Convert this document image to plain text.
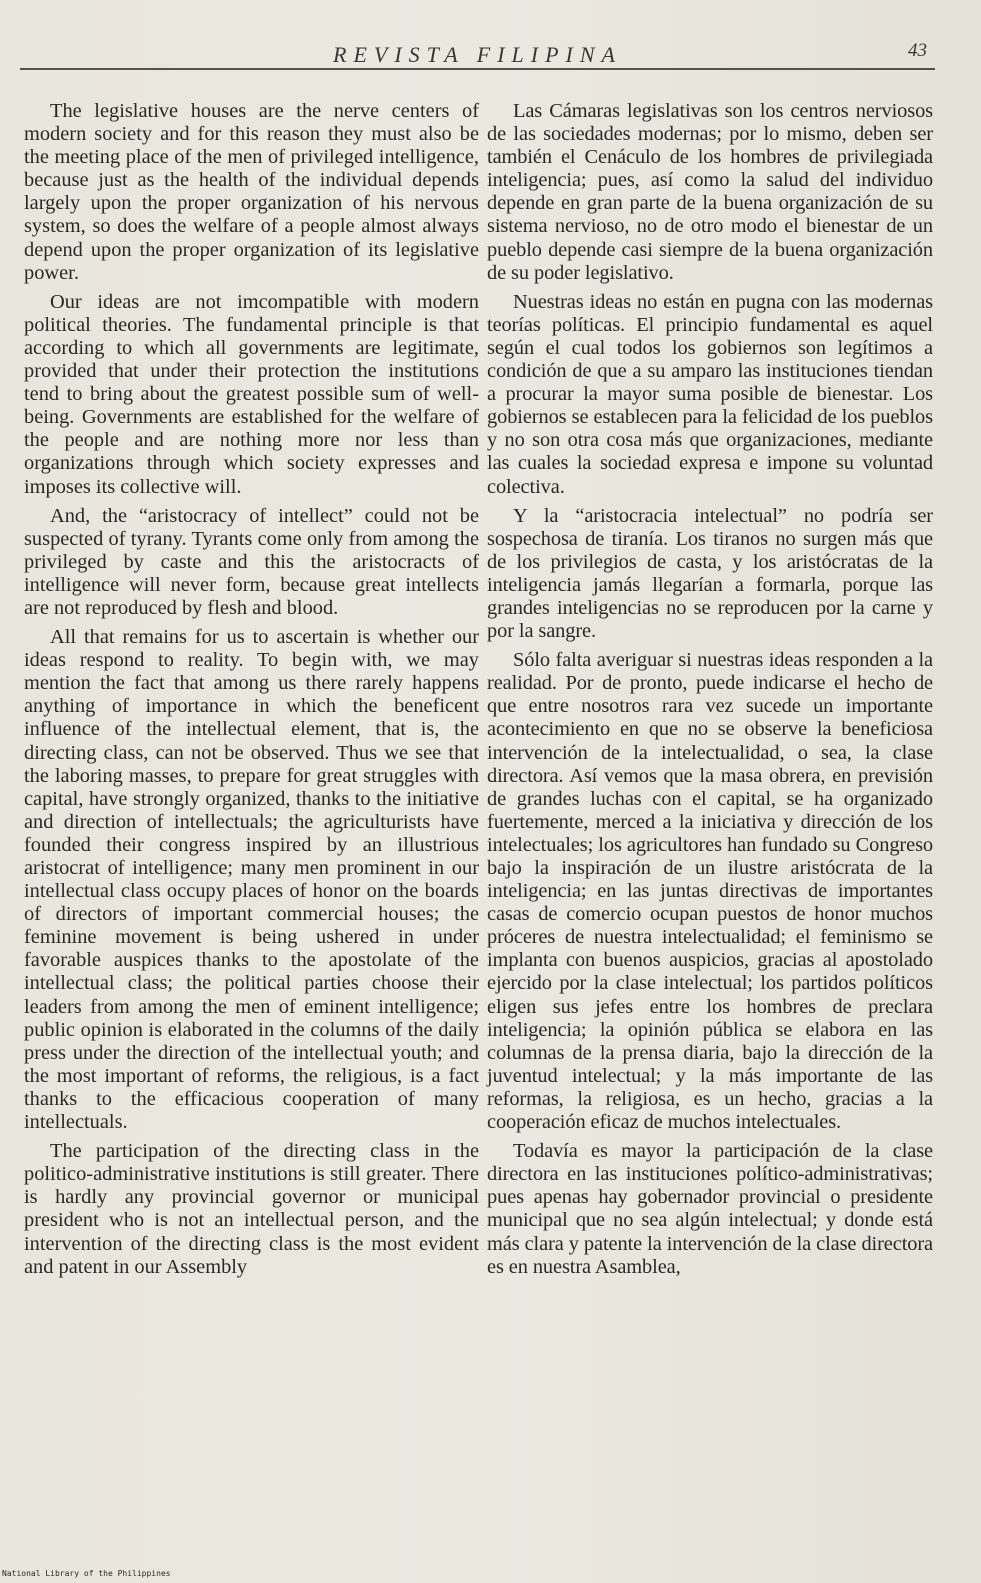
REVISTA FILIPINA	43

The legislative houses are the nerve centers of modern society and for this reason they must also be the meeting place of the men of privileged intelligence, because just as the health of the individual depends largely upon the proper organization of his nervous system, so does the welfare of a people almost always depend upon the proper organization of its legislative power.

Our ideas are not imcompatible with modern political theories. The fundamental principle is that according to which all governments are legitimate, provided that under their protection the institutions tend to bring about the greatest possible sum of well-being. Governments are established for the welfare of the people and are nothing more nor less than organizations through which society expresses and imposes its collective will.

And, the “aristocracy of intellect” could not be suspected of tyrany. Tyrants come only from among the privileged by caste and this the aristocracts of intelligence will never form, because great intellects are not reproduced by flesh and blood.

All that remains for us to ascertain is whether our ideas respond to reality. To begin with, we may mention the fact that among us there rarely happens anything of importance in which the beneficent influence of the intellectual element, that is, the directing class, can not be observed. Thus we see that the laboring masses, to prepare for great struggles with capital, have strongly organized, thanks to the initiative and direction of intellectuals; the agriculturists have founded their congress inspired by an illustrious aristocrat of intelligence; many men prominent in our intellectual class occupy places of honor on the boards of directors of important commercial houses; the feminine movement is being ushered in under favorable auspices thanks to the apostolate of the intellectual class; the political parties choose their leaders from among the men of eminent intelligence; public opinion is elaborated in the columns of the daily press under the direction of the intellectual youth; and the most important of reforms, the religious, is a fact thanks to the efficacious cooperation of many intellectuals.

The participation of the directing class in the politico-administrative institutions is still greater. There is hardly any provincial governor or municipal president who is not an intellectual person, and the intervention of the directing class is the most evident and patent in our Assembly

Las Cámaras legislativas son los centros nerviosos de las sociedades modernas; por lo mismo, deben ser también el Cenáculo de los hombres de privilegiada inteligencia; pues, así como la salud del individuo depende en gran parte de la buena organización de su sistema nervioso, no de otro modo el bienestar de un pueblo depende casi siempre de la buena organización de su poder legislativo.

Nuestras ideas no están en pugna con las modernas teorías políticas. El principio fundamental es aquel según el cual todos los gobiernos son legítimos a condición de que a su amparo las instituciones tiendan a procurar la mayor suma posible de bienestar. Los gobiernos se establecen para la felicidad de los pueblos y no son otra cosa más que organizaciones, mediante las cuales la sociedad expresa e impone su voluntad colectiva.

Y la “aristocracia intelectual” no podría ser sospechosa de tiranía. Los tiranos no surgen más que de los privilegios de casta, y los aristócratas de la inteligencia jamás llegarían a formarla, porque las grandes inteligencias no se reproducen por la carne y por la sangre.

Sólo falta averiguar si nuestras ideas responden a la realidad. Por de pronto, puede indicarse el hecho de que entre nosotros rara vez sucede un importante acontecimiento en que no se observe la beneficiosa intervención de la intelectualidad, o sea, la clase directora. Así vemos que la masa obrera, en previsión de grandes luchas con el capital, se ha organizado fuertemente, merced a la iniciativa y dirección de los intelectuales; los agricultores han fundado su Congreso bajo la inspiración de un ilustre aristócrata de la inteligencia; en las juntas directivas de importantes casas de comercio ocupan puestos de honor muchos próceres de nuestra intelectualidad; el feminismo se implanta con buenos auspicios, gracias al apostolado ejercido por la clase intelectual; los partidos políticos eligen sus jefes entre los hombres de preclara inteligencia; la opinión pública se elabora en las columnas de la prensa diaria, bajo la dirección de la juventud intelectual; y la más importante de las reformas, la religiosa, es un hecho, gracias a la cooperación eficaz de muchos intelectuales.

Todavía es mayor la participación de la clase directora en las instituciones político-administrativas; pues apenas hay gobernador provincial o presidente municipal que no sea algún intelectual; y donde está más clara y patente la intervención de la clase directora es en nuestra Asamblea,

National Library of the Philippines
